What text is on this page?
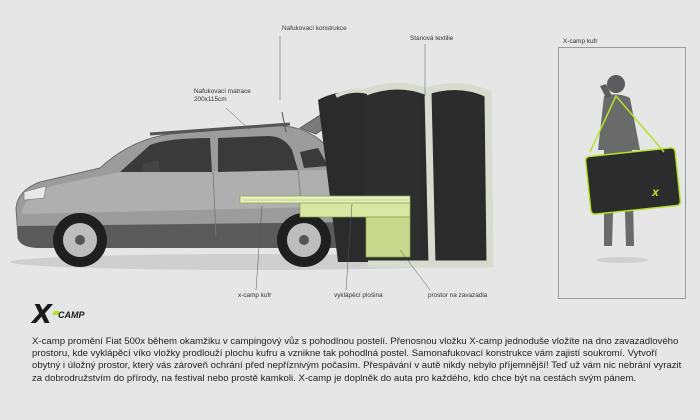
X
Nafukovací konstrukce
Stanová textilie
Nafukovací matrace
200x115cm
x-camp kufr	vyklápěcí plošina	prostor na zavazadla
X-camp kufr
X CAMP
X-camp promění Fiat 500x během okamžiku v campingový vůz s pohodlnou postelí. Přenosnou vložku X-camp jednoduše vložíte na dno zavazadlového prostoru, kde vyklápěcí víko vložky prodlouží plochu kufru a vznikne tak pohodlná postel. Samonafukovací konstrukce vám zajistí soukromí. Vytvoří obytný i úložný prostor, který vás zároveň ochrání před nepříznivým počasím. Přespávání v autě nikdy nebylo příjemnější! Teď už vám nic nebrání vyrazit za dobrodružstvím do přírody, na festival nebo prostě kamkoli. X-camp je doplněk do auta pro každého, kdo chce být na cestách svým pánem.
